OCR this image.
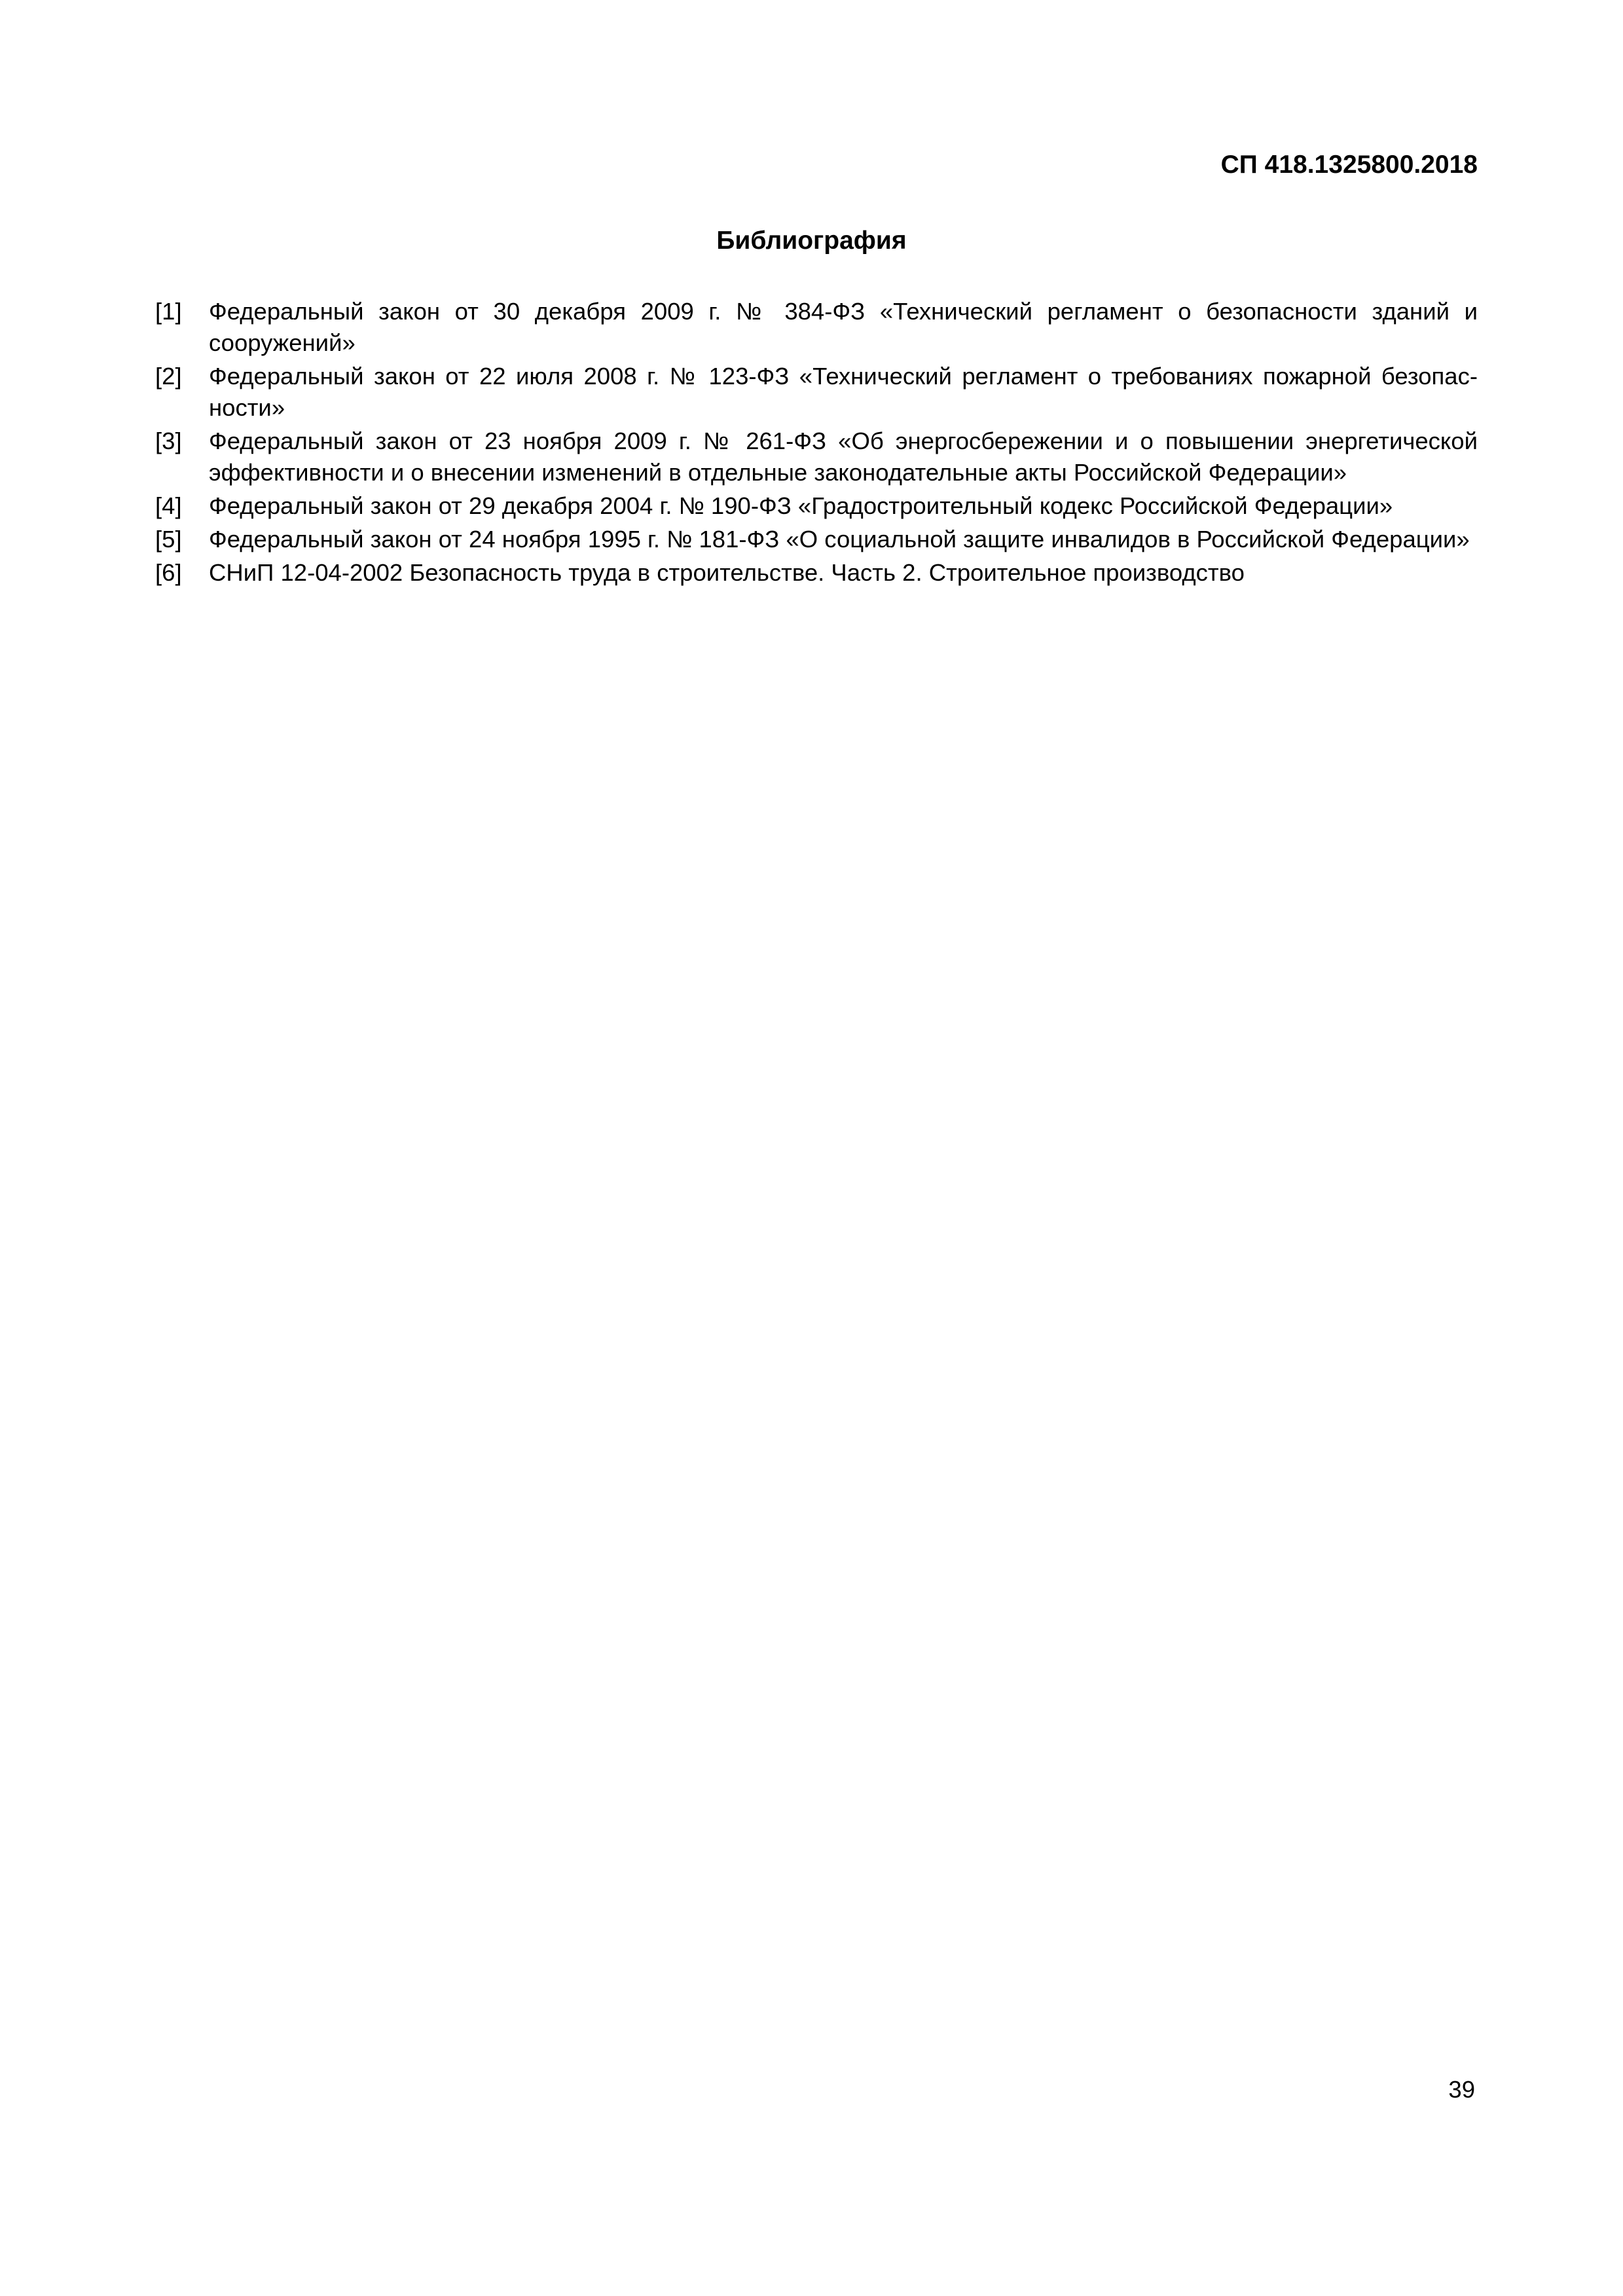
СП 418.1325800.2018
Библиография
[1]	Федеральный закон от 30 декабря 2009 г. № 384-ФЗ «Технический регламент о безопасности зданий и сооружений»
[2]	Федеральный закон от 22 июля 2008 г. № 123-ФЗ «Технический регламент о требованиях пожарной безопасности»
[3]	Федеральный закон от 23 ноября 2009 г. № 261-ФЗ «Об энергосбережении и о повышении энергетической эффективности и о внесении изменений в отдельные законодательные акты Российской Федерации»
[4]	Федеральный закон от 29 декабря 2004 г. № 190-ФЗ «Градостроительный кодекс Российской Федерации»
[5]	Федеральный закон от 24 ноября 1995 г. № 181-ФЗ «О социальной защите инвалидов в Российской Федерации»
[6]	СНиП 12-04-2002 Безопасность труда в строительстве. Часть 2. Строительное производство
39
